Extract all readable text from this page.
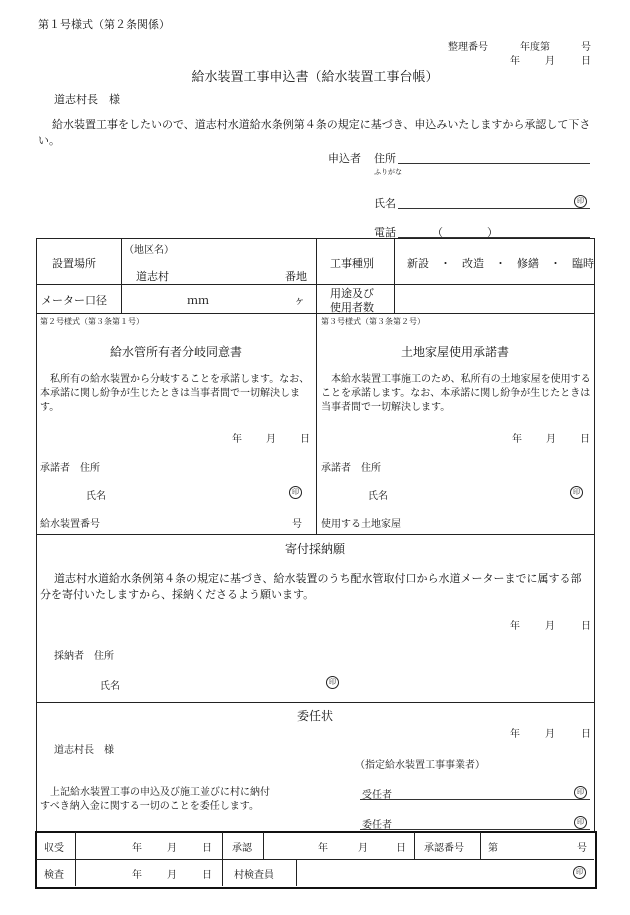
第１号様式（第２条関係）
整理番号	年度第	号
年	月	日
給水装置工事申込書（給水装置工事台帳）
道志村長　様
給水装置工事をしたいので、道志村水道給水条例第４条の規定に基づき、申込みいたしますから承認して下さい。
申込者 住所
ふりがな
氏名	印
電話	（　　　　）
設置場所
（地区名）
道志村	番地
工事種別	新設　・　改造　・　修繕　・　臨時
メーター口径	ｍｍ	ヶ
用途及び
使用者数
第２号様式（第３条第１号）
給水管所有者分岐同意書
私所有の給水装置から分岐することを承諾します。なお、本承諾に関し紛争が生じたときは当事者間で一切解決します。
年 月 日
承諾者　住所
氏名	印
給水装置番号	号
第３号様式（第３条第２号）
土地家屋使用承諾書
本給水装置工事施工のため、私所有の土地家屋を使用することを承諾します。なお、本承諾に関し紛争が生じたときは当事者間で一切解決します。
年 月 日
承諾者　住所
氏名	印
使用する土地家屋
寄付採納願
道志村水道給水条例第４条の規定に基づき、給水装置のうち配水管取付口から水道メーターまでに属する部分を寄付いたしますから、採納くださるよう願います。
年	月	日
採納者　住所
氏名	印
委任状
年	月	日
道志村長　様
（指定給水装置工事事業者）
上記給水装置工事の申込及び施工並びに村に納付すべき納入金に関する一切のことを委任します。
受任者	印
委任者	印
収受	年	月	日 承認	年	月	日 承認番号 第	号
検査	年	月	日 村検査員	印
